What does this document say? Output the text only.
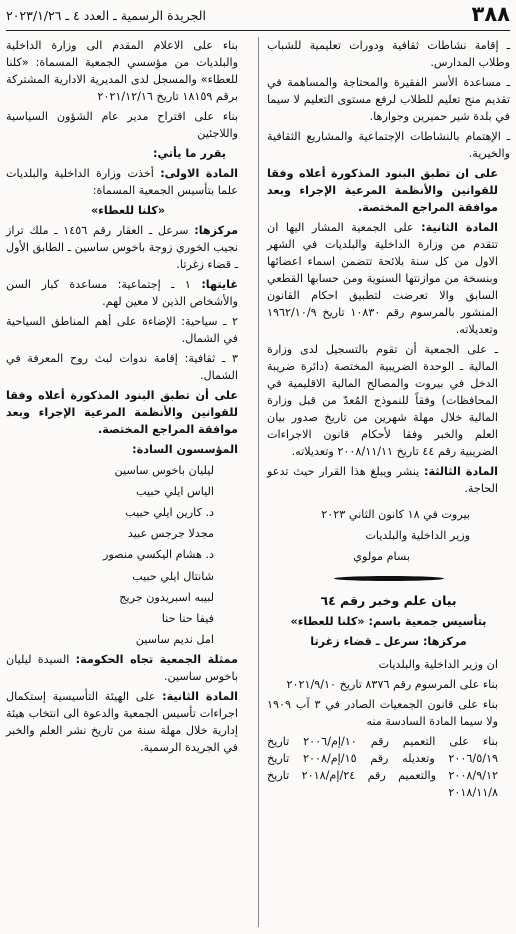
٣٨٨
الجريدة الرسمية ـ العدد ٤ ـ ٢٠٢٣/١/٢٦

ـ إقامة نشاطات ثقافية ودورات تعليمية للشباب وطلاب المدارس.

ـ مساعدة الأسر الفقيرة والمحتاجة والمساهمة في تقديم منح تعليم للطلاب لرفع مستوى التعليم لا سيما في بلدة شير حميرين وجوارها.

ـ الإهتمام بالنشاطات الإجتماعية والمشاريع الثقافية والخيرية.

على ان تطبق البنود المذكورة أعلاه وفقا للقوانين والأنظمة المرعية الإجراء وبعد موافقة المراجع المختصة.

المادة الثانية: على الجمعية المشار اليها ان تتقدم من وزارة الداخلية والبلديات في الشهر الاول من كل سنة بلائحة تتضمن اسماء اعضائها وبنسخة من موازنتها السنوية ومن حسابها القطعي السابق والا تعرضت لتطبيق احكام القانون المنشور بالمرسوم رقم ١٠٨٣٠ تاريخ ١٩٦٢/١٠/٩ وتعديلاته.

ـ على الجمعية أن تقوم بالتسجيل لدى وزارة المالية ـ الوحدة الضريبية المختصة (دائرة ضريبة الدخل في بيروت والمصالح المالية الاقليمية في المحافظات) وفقاً للنموذج المُعدّ من قبل وزارة المالية خلال مهلة شهرين من تاريخ صدور بيان العلم والخبر وفقا لأحكام قانون الاجراءات الضريبية رقم ٤٤ تاريخ ٢٠٠٨/١١/١١ وتعديلاته.

المادة الثالثة: ينشر ويبلغ هذا القرار حيث تدعو الحاجة.

بيروت في ١٨ كانون الثاني ٢٠٢٣

وزير الداخلية والبلديات

بسام مولوي

بيان علم وخبر رقم ٦٤

بتأسيس جمعية باسم: «كلنا للعطاء»

مركزها: سرعل ـ قضاء زغرتا

ان وزير الداخلية والبلديات

بناء على المرسوم رقم ٨٣٧٦ تاريخ ٢٠٢١/٩/١٠

بناء على قانون الجمعيات الصادر في ٣ آب ١٩٠٩ ولا سيما المادة السادسة منه

بناء على التعميم رقم ١٠/إم/٢٠٠٦ تاريخ ٢٠٠٦/٥/١٩ وتعديله رقم ١٥/إم/٢٠٠٨ تاريخ ٢٠٠٨/٩/١٢ والتعميم رقم ٢٤/إم/٢٠١٨ تاريخ ٢٠١٨/١١/٨

بناء على الاعلام المقدم الى وزارة الداخلية والبلديات من مؤسسي الجمعية المسماة: «كلنا للعطاء» والمسجل لدى المديرية الادارية المشتركة برقم ١٨١٥٩ تاريخ ٢٠٢١/١٢/١٦

بناء على اقتراح مدير عام الشؤون السياسية واللاجئين

يقرر ما يأتي:

المادة الاولى: أخذت وزارة الداخلية والبلديات علما بتأسيس الجمعية المسماة:

«كلنا للعطاء»

مركزها: سرعل ـ العقار رقم ١٤٥٦ ـ ملك تراز نجيب الخوري زوجة باخوس ساسين ـ الطابق الأول ـ قضاء زغرتا.

غايتها: ١ ـ إجتماعية: مساعدة كبار السن والأشخاص الذين لا معين لهم.

٢ ـ سياحية: الإضاءة على أهم المناطق السياحية في الشمال.

٣ ـ ثقافية: إقامة ندوات لبث روح المعرفة في الشمال.

على أن تطبق البنود المذكورة أعلاه وفقا للقوانين والأنظمة المرعية الإجراء وبعد موافقة المراجع المختصة.

المؤسسون السادة:

ليليان باخوس ساسين
الياس ايلي حبيب
د. كارين ايلي حبيب
مجدلا جرجس عبيد
د. هشام اليكسي منصور
شانتال ايلي حبيب
لبيبه اسبريدون جريج
فيفا حنا حنا
امل نديم ساسين

ممثلة الجمعية تجاه الحكومة: السيدة ليليان باخوس ساسين.

المادة الثانية: على الهيئة التأسيسية إستكمال اجراءات تأسيس الجمعية والدعوة الى انتخاب هيئة إدارية خلال مهلة سنة من تاريخ نشر العلم والخبر في الجريدة الرسمية.
